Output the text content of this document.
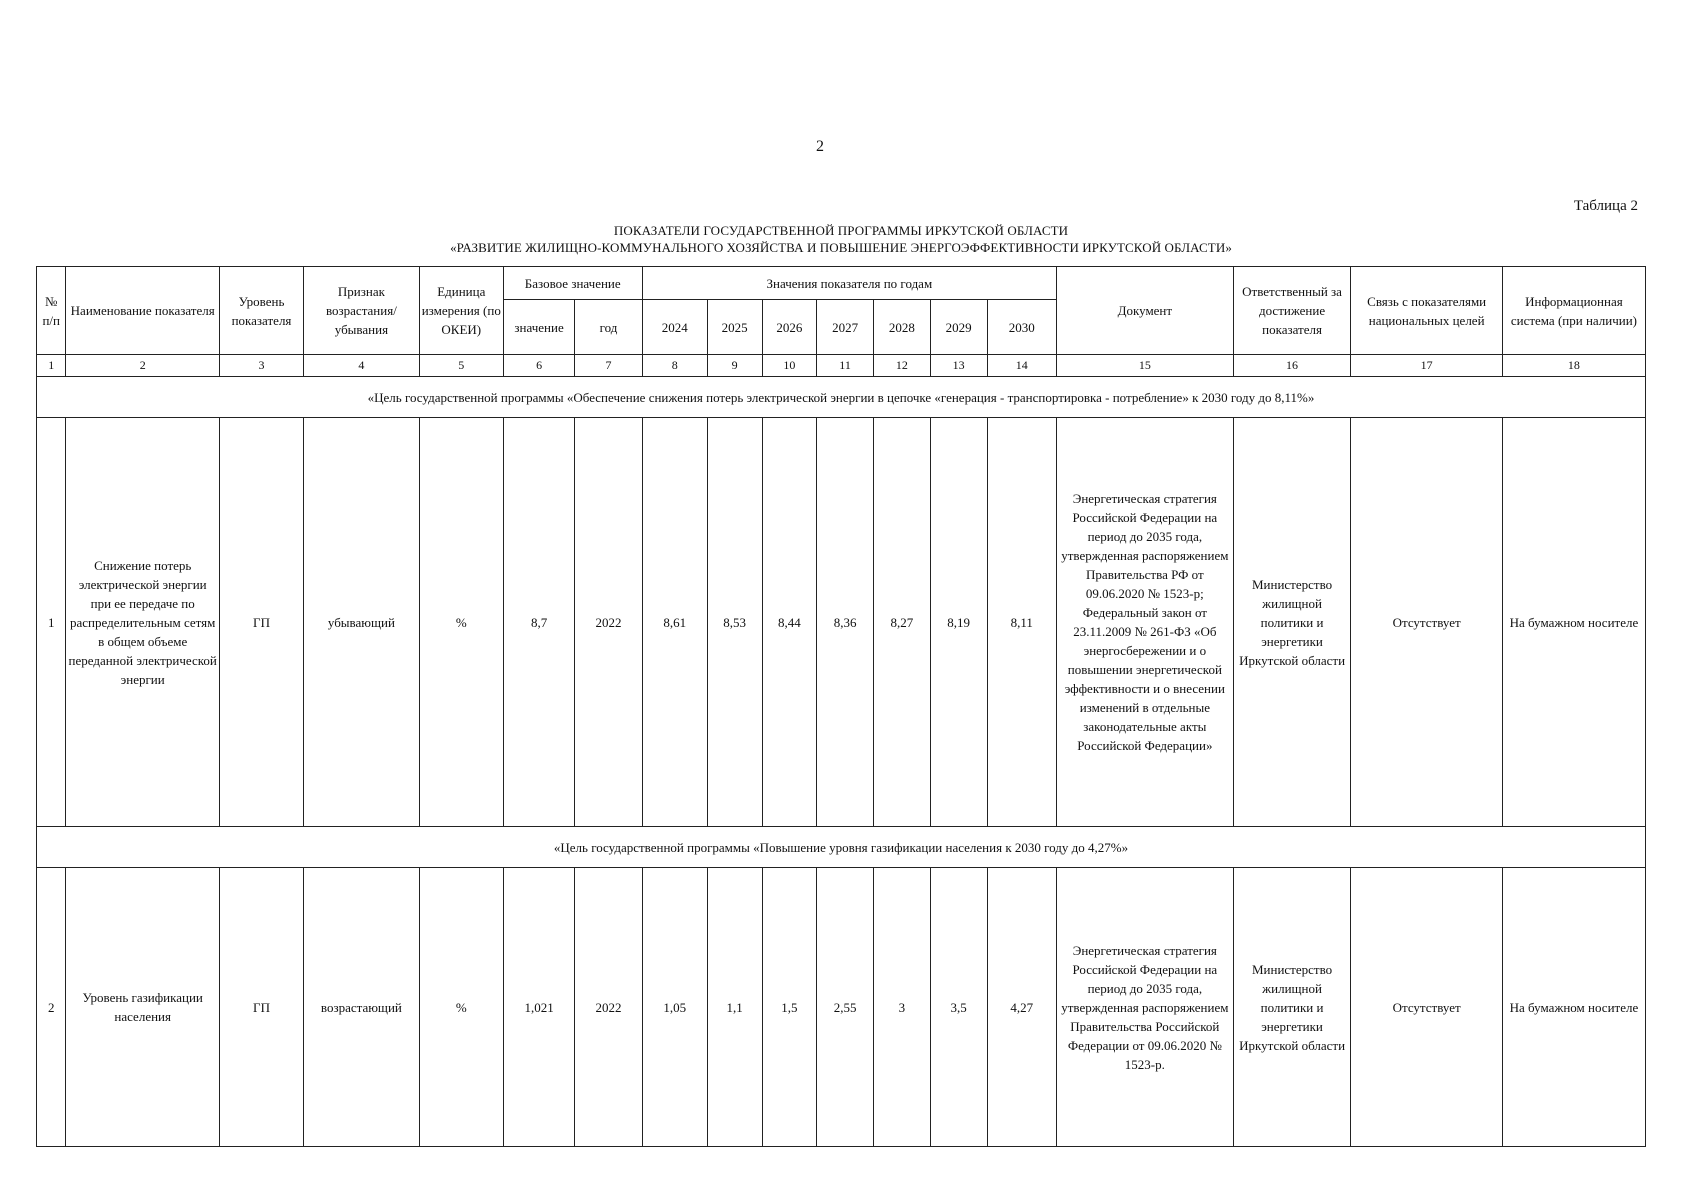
2
Таблица 2
ПОКАЗАТЕЛИ ГОСУДАРСТВЕННОЙ ПРОГРАММЫ ИРКУТСКОЙ ОБЛАСТИ
«РАЗВИТИЕ ЖИЛИЩНО-КОММУНАЛЬНОГО ХОЗЯЙСТВА И ПОВЫШЕНИЕ ЭНЕРГОЭФФЕКТИВНОСТИ ИРКУТСКОЙ ОБЛАСТИ»
№ п/п	Наименование показателя	Уровень показателя	Признак возрастания/убывания	Единица измерения (по ОКЕИ)	Базовое значение		Значения показателя по годам							Документ	Ответственный за достижение показателя	Связь с показателями национальных целей	Информационная система (при наличии)
					значение	год	2024	2025	2026	2027	2028	2029	2030				
1	2	3	4	5	6	7	8	9	10	11	12	13	14	15	16	17	18
«Цель государственной программы «Обеспечение снижения потерь электрической энергии в цепочке «генерация - транспортировка - потребление» к 2030 году до 8,11%»																	
1	Снижение потерь электрической энергии при ее передаче по распределительным сетям в общем объеме переданной электрической энергии	ГП	убывающий	%	8,7	2022	8,61	8,53	8,44	8,36	8,27	8,19	8,11	Энергетическая стратегия Российской Федерации на период до 2035 года, утвержденная распоряжением Правительства РФ от 09.06.2020 № 1523-р; Федеральный закон от 23.11.2009 № 261-ФЗ «Об энергосбережении и о повышении энергетической эффективности и о внесении изменений в отдельные законодательные акты Российской Федерации»	Министерство жилищной политики и энергетики Иркутской области	Отсутствует	На бумажном носителе
«Цель государственной программы «Повышение уровня газификации населения к 2030 году до 4,27%»																	
2	Уровень газификации населения	ГП	возрастающий	%	1,021	2022	1,05	1,1	1,5	2,55	3	3,5	4,27	Энергетическая стратегия Российской Федерации на период до 2035 года, утвержденная распоряжением Правительства Российской Федерации от 09.06.2020 № 1523-р.	Министерство жилищной политики и энергетики Иркутской области	Отсутствует	На бумажном носителе
